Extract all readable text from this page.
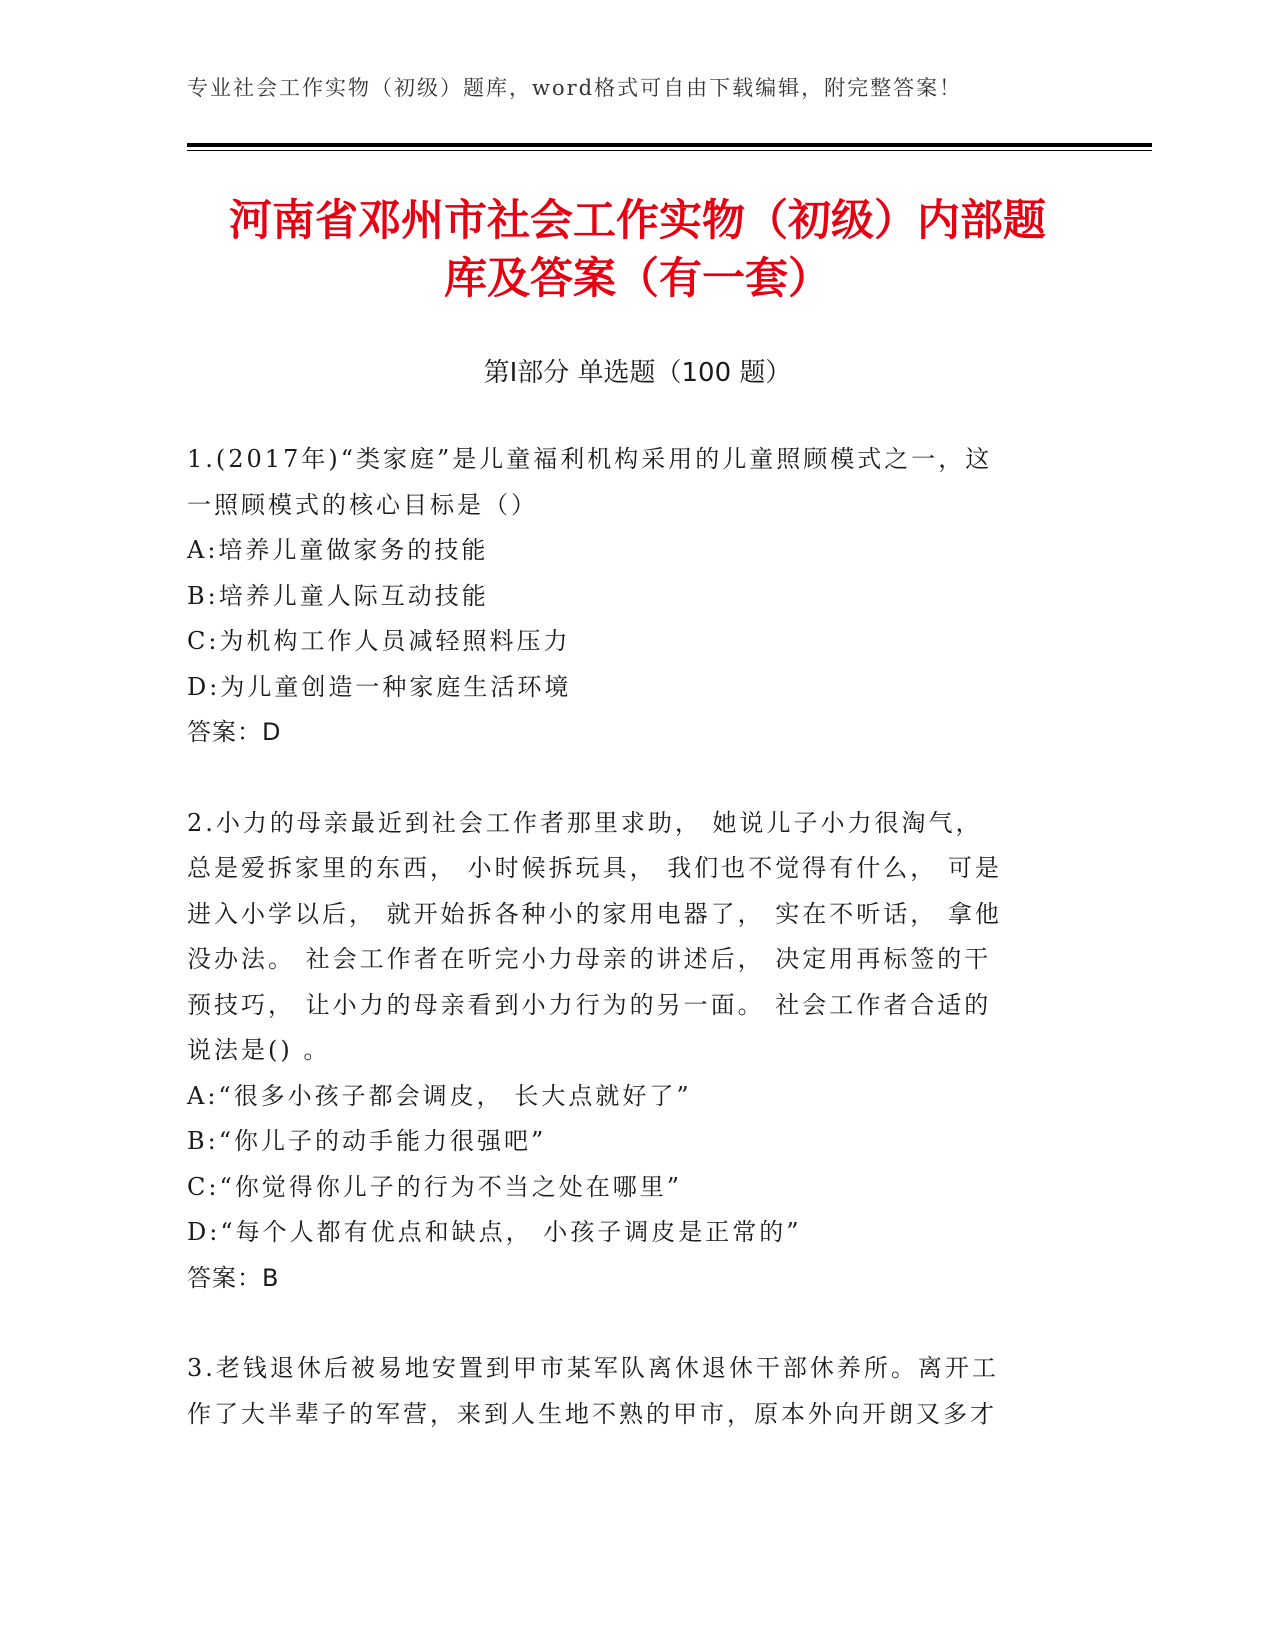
专业社会工作实物（初级）题库，word格式可自由下载编辑，附完整答案！
河南省邓州市社会工作实物（初级）内部题
库及答案（有一套）
第Ⅰ部分 单选题（100 题）
1.(2017年)“类家庭”是儿童福利机构采用的儿童照顾模式之一，这
一照顾模式的核心目标是（）
A:培养儿童做家务的技能
B:培养儿童人际互动技能
C:为机构工作人员减轻照料压力
D:为儿童创造一种家庭生活环境
答案：D
2.小力的母亲最近到社会工作者那里求助， 她说儿子小力很淘气，
总是爱拆家里的东西， 小时候拆玩具， 我们也不觉得有什么， 可是
进入小学以后， 就开始拆各种小的家用电器了， 实在不听话， 拿他
没办法。 社会工作者在听完小力母亲的讲述后， 决定用再标签的干
预技巧， 让小力的母亲看到小力行为的另一面。 社会工作者合适的
说法是() 。
A:“很多小孩子都会调皮， 长大点就好了”
B:“你儿子的动手能力很强吧”
C:“你觉得你儿子的行为不当之处在哪里”
D:“每个人都有优点和缺点， 小孩子调皮是正常的”
答案：B
3.老钱退休后被易地安置到甲市某军队离休退休干部休养所。离开工
作了大半辈子的军营，来到人生地不熟的甲市，原本外向开朗又多才
